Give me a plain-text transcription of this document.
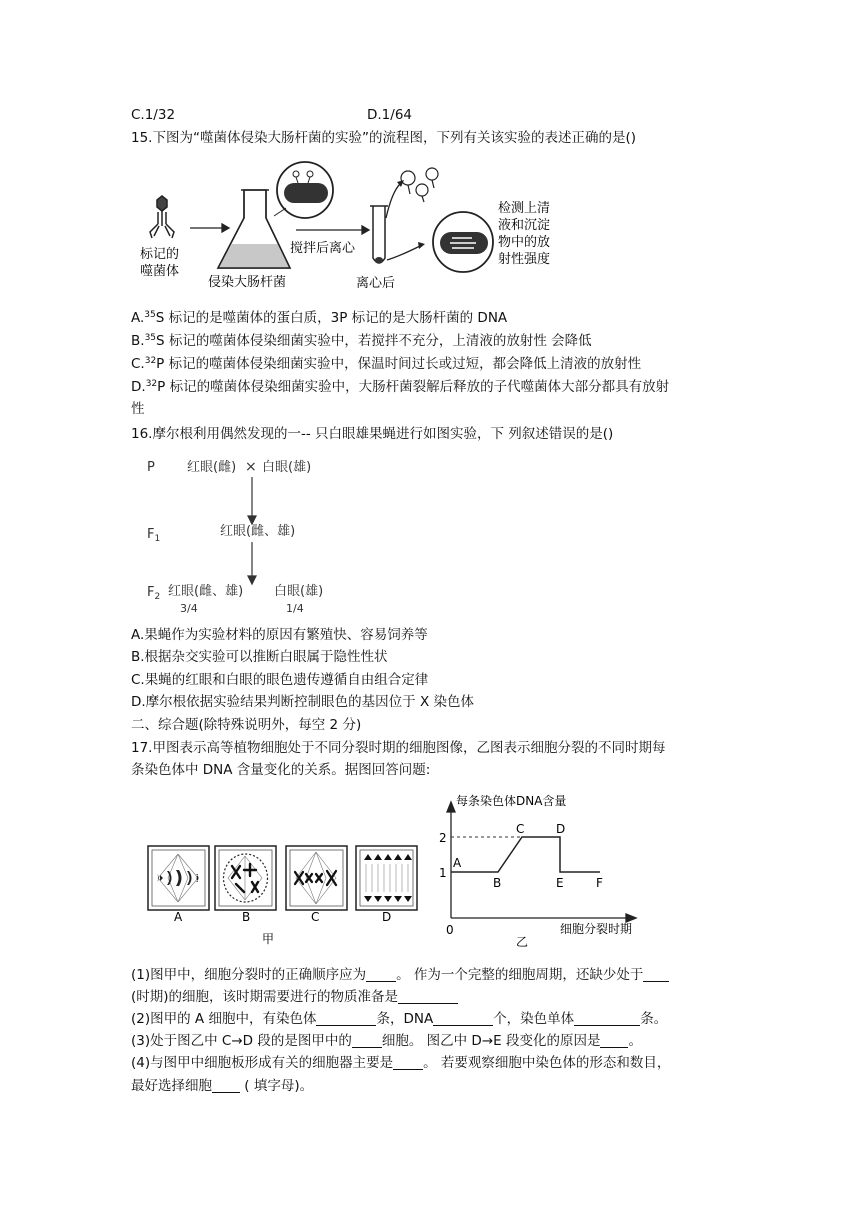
C.1/32	D.1/64
15.下图为“噬菌体侵染大肠杆菌的实验”的流程图，下列有关该实验的表述正确的是()
标记的
噬菌体
侵染大肠杆菌
搅拌后离心
离心后
检测上清
液和沉淀
物中的放
射性强度
A.$^{35}$S 标记的是噬菌体的蛋白质，3P 标记的是大肠杆菌的 DNA
B.$^{35}$S 标记的噬菌体侵染细菌实验中，若搅拌不充分，上清液的放射性 会降低
C.$^{32}$P 标记的噬菌体侵染细菌实验中，保温时间过长或过短，都会降低上清液的放射性
D.$^{32}$P 标记的噬菌体侵染细菌实验中，大肠杆菌裂解后释放的子代噬菌体大部分都具有放射
性
16.摩尔根利用偶然发现的一-- 只白眼雄果蝇进行如图实验，下 列叙述错误的是()
P 红眼(雌) × 白眼(雄)
$F_1$	红眼(雌、雄)
$F_2$ 红眼(雌、雄)
3/4
白眼(雄)
1/4
A.果蝇作为实验材料的原因有繁殖快、容易饲养等
B.根据杂交实验可以推断白眼属于隐性性状
C.果蝇的红眼和白眼的眼色遗传遵循自由组合定律
D.摩尔根依据实验结果判断控制眼色的基因位于 X 染色体
二、综合题(除特殊说明外，每空 2 分)
17.甲图表示高等植物细胞处于不同分裂时期的细胞图像，乙图表示细胞分裂的不同时期每
条染色体中 DNA 含量变化的关系。据图回答问题:
A	B	C	D
甲
每条染色体DNA含量
2
1
0
A
B
C	D
E	F
细胞分裂时期
乙
(1)图甲中，细胞分裂时的正确顺序应为 。 作为一个完整的细胞周期，还缺少处于
(时期)的细胞，该时期需要进行的物质准备是
(2)图甲的 A 细胞中，有染色体	条，DNA	个，染色单体	条。
(3)处于图乙中 C→D 段的是图甲中的 细胞。 图乙中 D→E 段变化的原因是 。
(4)与图甲中细胞板形成有关的细胞器主要是 。 若要观察细胞中染色体的形态和数目，
最好选择细胞 ( 填字母)。
